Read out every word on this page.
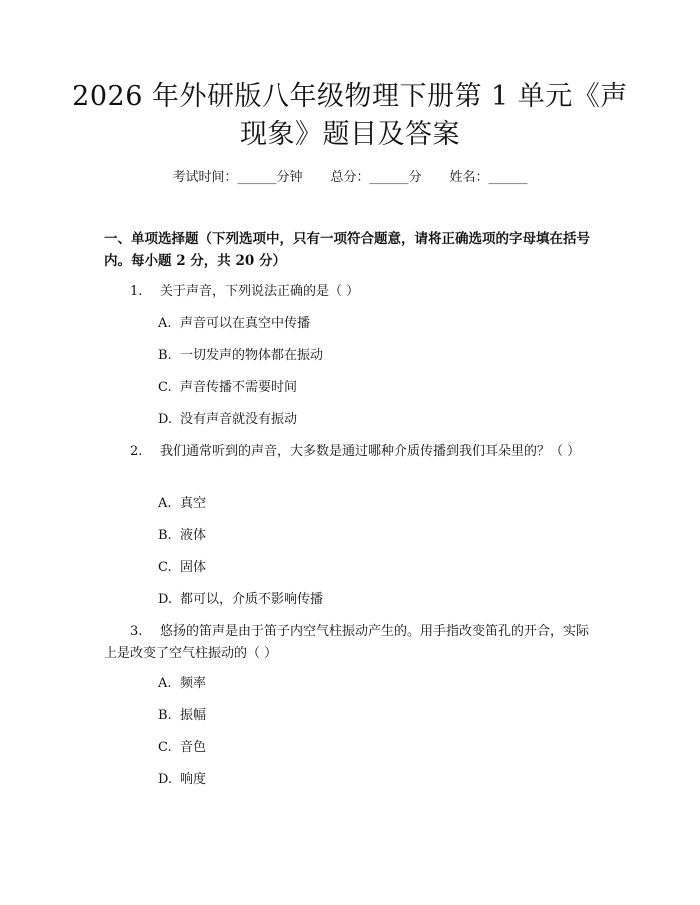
2026 年外研版八年级物理下册第 1 单元《声现象》题目及答案
考试时间：______分钟 总分：______分 姓名：______
一、单项选择题（下列选项中，只有一项符合题意，请将正确选项的字母填在括号内。每小题 2 分，共 20 分）
1. 关于声音，下列说法正确的是（ ）
A. 声音可以在真空中传播
B. 一切发声的物体都在振动
C. 声音传播不需要时间
D. 没有声音就没有振动
2. 我们通常听到的声音，大多数是通过哪种介质传播到我们耳朵里的？（ ）
A. 真空
B. 液体
C. 固体
D. 都可以，介质不影响传播
3. 悠扬的笛声是由于笛子内空气柱振动产生的。用手指改变笛孔的开合，实际上是改变了空气柱振动的（ ）
A. 频率
B. 振幅
C. 音色
D. 响度
